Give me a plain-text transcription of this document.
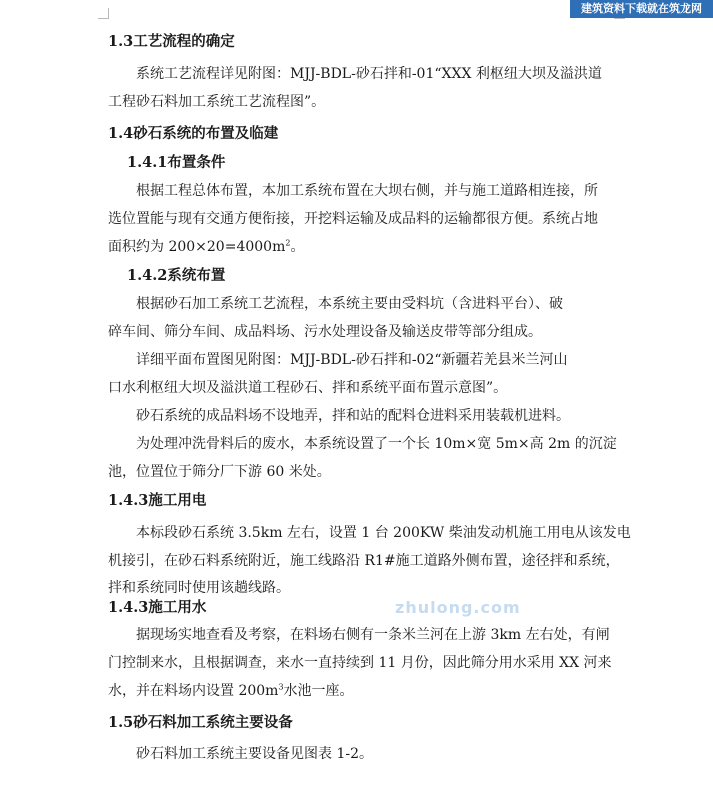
建筑资料下载就在筑龙网
zhulong.com
1.3工艺流程的确定
系统工艺流程详见附图：MJJ-BDL-砂石拌和-01“XXX 利枢纽大坝及溢洪道
工程砂石料加工系统工艺流程图”。
1.4砂石系统的布置及临建
1.4.1布置条件
根据工程总体布置，本加工系统布置在大坝右侧，并与施工道路相连接，所
选位置能与现有交通方便衔接，开挖料运输及成品料的运输都很方便。系统占地
面积约为 $200\times 20=4000m^2$。
1.4.2系统布置
根据砂石加工系统工艺流程，本系统主要由受料坑（含进料平台）、破
碎车间、筛分车间、成品料场、污水处理设备及输送皮带等部分组成。
详细平面布置图见附图：MJJ-BDL-砂石拌和-02“新疆若羌县米兰河山
口水利枢纽大坝及溢洪道工程砂石、拌和系统平面布置示意图”。
砂石系统的成品料场不设地弄，拌和站的配料仓进料采用装载机进料。
为处理冲洗骨料后的废水，本系统设置了一个长 10m×宽 5m×高 2m 的沉淀
池，位置位于筛分厂下游 60 米处。
1.4.3施工用电
本标段砂石系统 3.5km 左右，设置 1 台 200KW 柴油发动机施工用电从该发电
机接引，在砂石料系统附近，施工线路沿 R1#施工道路外侧布置，途径拌和系统，
拌和系统同时使用该趟线路。
1.4.3施工用水
据现场实地查看及考察，在料场右侧有一条米兰河在上游 3km 左右处，有闸
门控制来水，且根据调查，来水一直持续到 11 月份，因此筛分用水采用 XX 河来
水，并在料场内设置 $200m^3$水池一座。
1.5砂石料加工系统主要设备
砂石料加工系统主要设备见图表 1-2。
